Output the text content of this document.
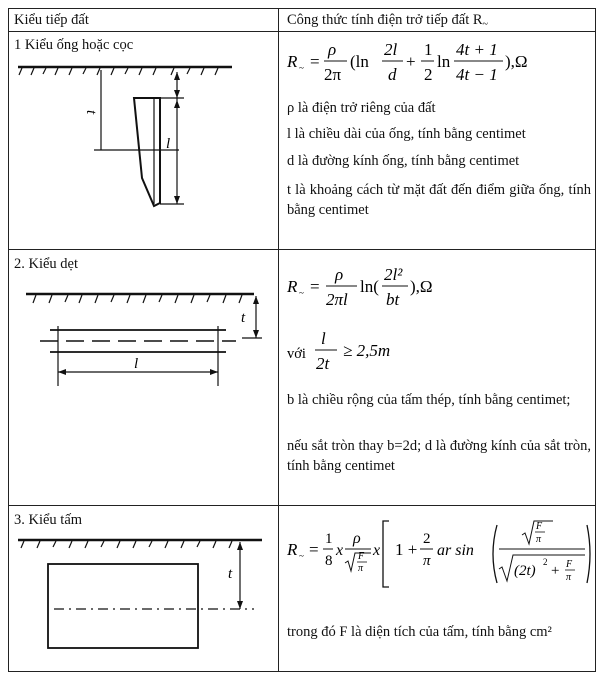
Kiểu tiếp đất	Công thức tính điện trở tiếp đất $R_\sim$
1 Kiểu ống hoặc cọc
t
l
R ~ =
ρ
2π
(ln
2l
d
+
1
2
ln
4t + 1
4t − 1
),Ω
ρ là điện trở riêng của đất
l là chiều dài của ống, tính bằng centimet
d là đường kính ống, tính bằng centimet
t là khoảng cách từ mặt đất đến điểm giữa ống, tính bằng centimet
2. Kiểu dẹt
t
l
R ~ =
ρ
2πl
ln(
2l²
bt
),Ω
với
l
2t
≥ 2,5m
b là chiều rộng của tấm thép, tính bằng centimet;
nếu sắt tròn thay b=2d; d là đường kính của sắt tròn, tính bằng centimet
3. Kiểu tấm
t
R ~ =
1
8
x
ρ
F
π
x 1 +
2
π
ar sin
F
π
(2t)
2
+ F
π
trong đó F là diện tích của tấm, tính bằng cm²
